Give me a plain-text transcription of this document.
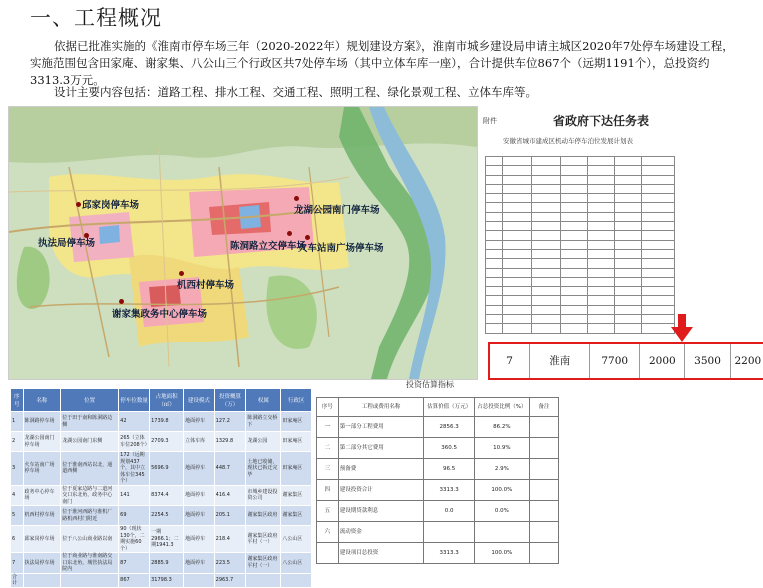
一、工程概况
依据已批准实施的《淮南市停车场三年（2020-2022年）规划建设方案》，淮南市城乡建设局申请主城区2020年7处停车场建设工程，实施范围包含田家庵、谢家集、八公山三个行政区共7处停车场（其中立体车库一座），合计提供车位867个（远期1191个），总投资约3313.3万元。
设计主要内容包括：道路工程、排水工程、交通工程、照明工程、绿化景观工程、立体车库等。
邱家岗停车场
执法局停车场
龙湖公园南门停车场
陈洞路立交停车场
火车站南广场停车场
机西村停车场
谢家集政务中心停车场
附件	省政府下达任务表
安徽省城市建成区机动车停车泊位发展计划表

7	淮南	7700	2000	3500	2200
序号	名称	位置	停车位数量	占地面积（㎡）	建设模式	投资概算（万）	权属	行政区
1	陈洞路停车场	位于田于南和陈洞路边侧	42	1739.8	地面停车	127.2	陈洞路立交桥下	田家庵区
2	龙湖公园南门停车场	龙湖公园南门东侧	265（立体车位208个）	2709.3	立体车库	1329.8	龙湖公园	田家庵区
3	火车站南广场停车场	位于淮南西站以北，通道西侧	172（远期规划437个，其中立体车位345个）	5696.9	地面停车	448.7	土地已收储，现状已拆迁完毕	田家庵区
4	政务中心停车场	位于夏家边路与二道河交口东北角，政务中心南门	141	8374.4	地面停车	416.4	市城乡建设投资公司	谢家集区
5	机西村停车场	位于淮河西路与淮机厂路机西村门附近	69	2254.5	地面停车	205.1	谢家集区政府	谢家集区
6	邱家岗停车场	位于八公山商业路以南	90（现状130个，二期实施60个）	一期2966.1；二期1941.3	地面停车	218.4	谢家集区政府平村（一）	八公山区
7	执法局停车场	位于商业路与淮南路交口东北角，城管执法局院内	87	2885.9	地面停车	223.5	谢家集区政府平村（一）	八公山区
合计			867	31798.3		2963.7		
投资估算指标
序号	工程或费用名称	估算价值（万元）	占总投资比例（%）	备注
一	第一部分工程费用	2856.3	86.2%	
二	第二部分其它费用	360.5	10.9%	
三	预备费	96.5	2.9%	
四	建设投资合计	3313.3	100.0%	
五	建设期贷款利息	0.0	0.0%	
六	流动资金			
	建设项目总投资	3313.3	100.0%	
